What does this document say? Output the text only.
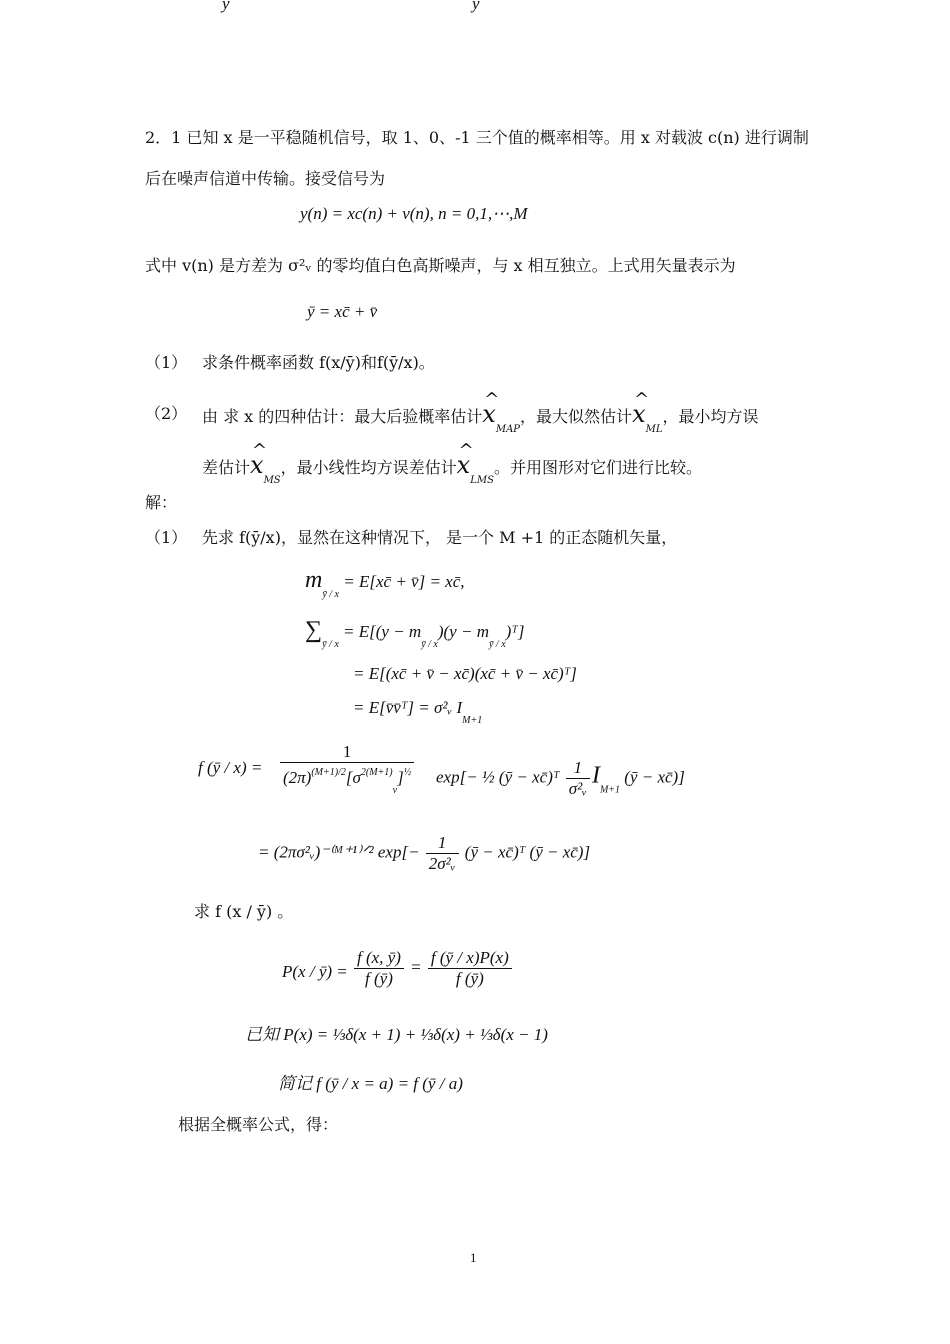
y	y
2．1 已知 x 是一平稳随机信号，取 1、0、-1 三个值的概率相等。用 x 对载波 c(n) 进行调制
后在噪声信道中传输。接受信号为
y(n) = xc(n) + v(n), n = 0,1,⋯,M
式中 v(n) 是方差为 σ²ᵥ 的零均值白色高斯噪声，与 x 相互独立。上式用矢量表示为
ȳ = xc̄ + v̄
（1） 求条件概率函数 f(x/ȳ)和f(ȳ/x)。
（2） 由 求 x 的四种估计：最大后验概率估计^ $x_{MAP}$，最大似然估计^ $x_{ML}$，最小均方误
差估计^ $x_{MS}$，最小线性均方误差估计^ $x_{LMS}$。并用图形对它们进行比较。
解：
（1） 先求 f(ȳ/x)，显然在这种情况下， 是一个 M +1 的正态随机矢量，
$m_{ȳ / x}$ = E[xc̄ + v̄] = xc̄,
$\sum_{ȳ / x} = E[(y - m_{ȳ / x})(y$ − $m_{ȳ / x})ᵀ$]
= E[(xc̄ + v̄ − xc̄)(xc̄ + v̄ − xc̄)ᵀ]
= E[v̄v̄ᵀ] = σ²ᵥ $I_{M+1}$
f (ȳ / $x) = \frac{1}{(2\pi)^{(M+1)/2}[\sigma^{2(M+1)}_v]^{\frac{1}{2}}} \exp[-$ ½ (ȳ − xc̄)ᵀ $\frac{1}{\text{σ²ᵥ}} I_{M+1}$ (ȳ − xc̄)]
= (2πσ²ᵥ)⁻⁽ᴹ⁺¹⁾ᐟ² $\exp[- \frac{1}{\text{2σ²ᵥ}}$ (ȳ − xc̄)ᵀ (ȳ − xc̄)]
求 f (x / ȳ) 。
P(x / ȳ) = $\frac{f (x, ȳ)}{f (ȳ)} = \frac{f (ȳ / x)P(x)}{f (ȳ)}$
已知 P(x) = ⅓δ(x + 1) + ⅓δ(x) + ⅓δ(x − 1)
简记 f (ȳ / x = a) = f (ȳ / a)
根据全概率公式，得：
1
